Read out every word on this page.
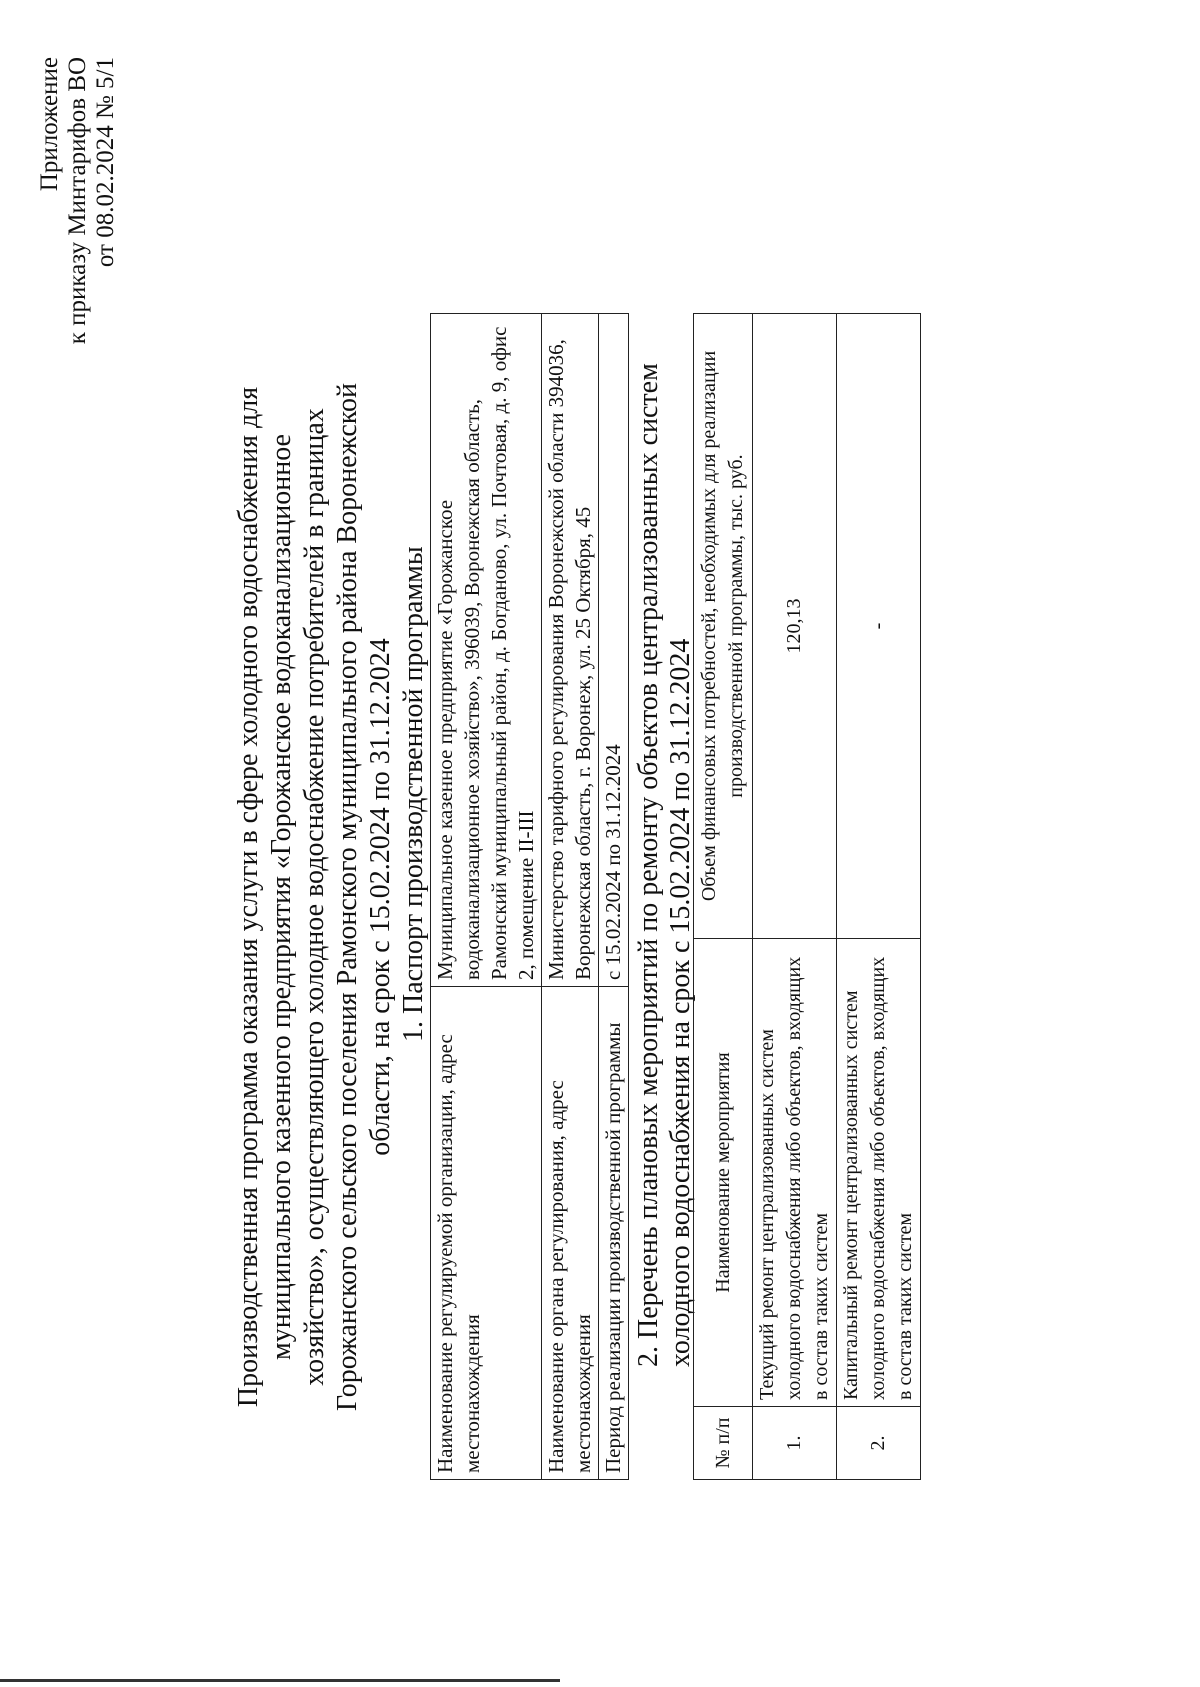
Приложение к приказу Минтарифов ВО от 08.02.2024 № 5/1
Производственная программа оказания услуги в сфере холодного водоснабжения для муниципального казенного предприятия «Горожанское водоканализационное хозяйство», осуществляющего холодное водоснабжение потребителей в границах Горожанского сельского поселения Рамонского муниципального района Воронежской области, на срок с 15.02.2024 по 31.12.2024 1. Паспорт производственной программы
Наименование регулируемой организации, адрес местонахождения	Муниципальное казенное предприятие «Горожанское водоканализационное хозяйство», 396039, Воронежская область, Рамонский муниципальный район, д. Богданово, ул. Почтовая, д. 9, офис 2, помещение II-III
Наименование органа регулирования, адрес местонахождения	Министерство тарифного регулирования Воронежской области 394036, Воронежская область, г. Воронеж, ул. 25 Октября, 45
Период реализации производственной программы	с 15.02.2024 по 31.12.2024 2. Перечень плановых мероприятий по ремонту объектов централизованных систем холодного водоснабжения на срок с 15.02.2024 по 31.12.2024
№ п/п	Наименование мероприятия	Объем финансовых потребностей, необходимых для реализации производственной программы, тыс. руб.
1.	Текущий ремонт централизованных систем холодного водоснабжения либо объектов, входящих в состав таких систем	120,13
2.	Капитальный ремонт централизованных систем холодного водоснабжения либо объектов, входящих в состав таких систем	-
